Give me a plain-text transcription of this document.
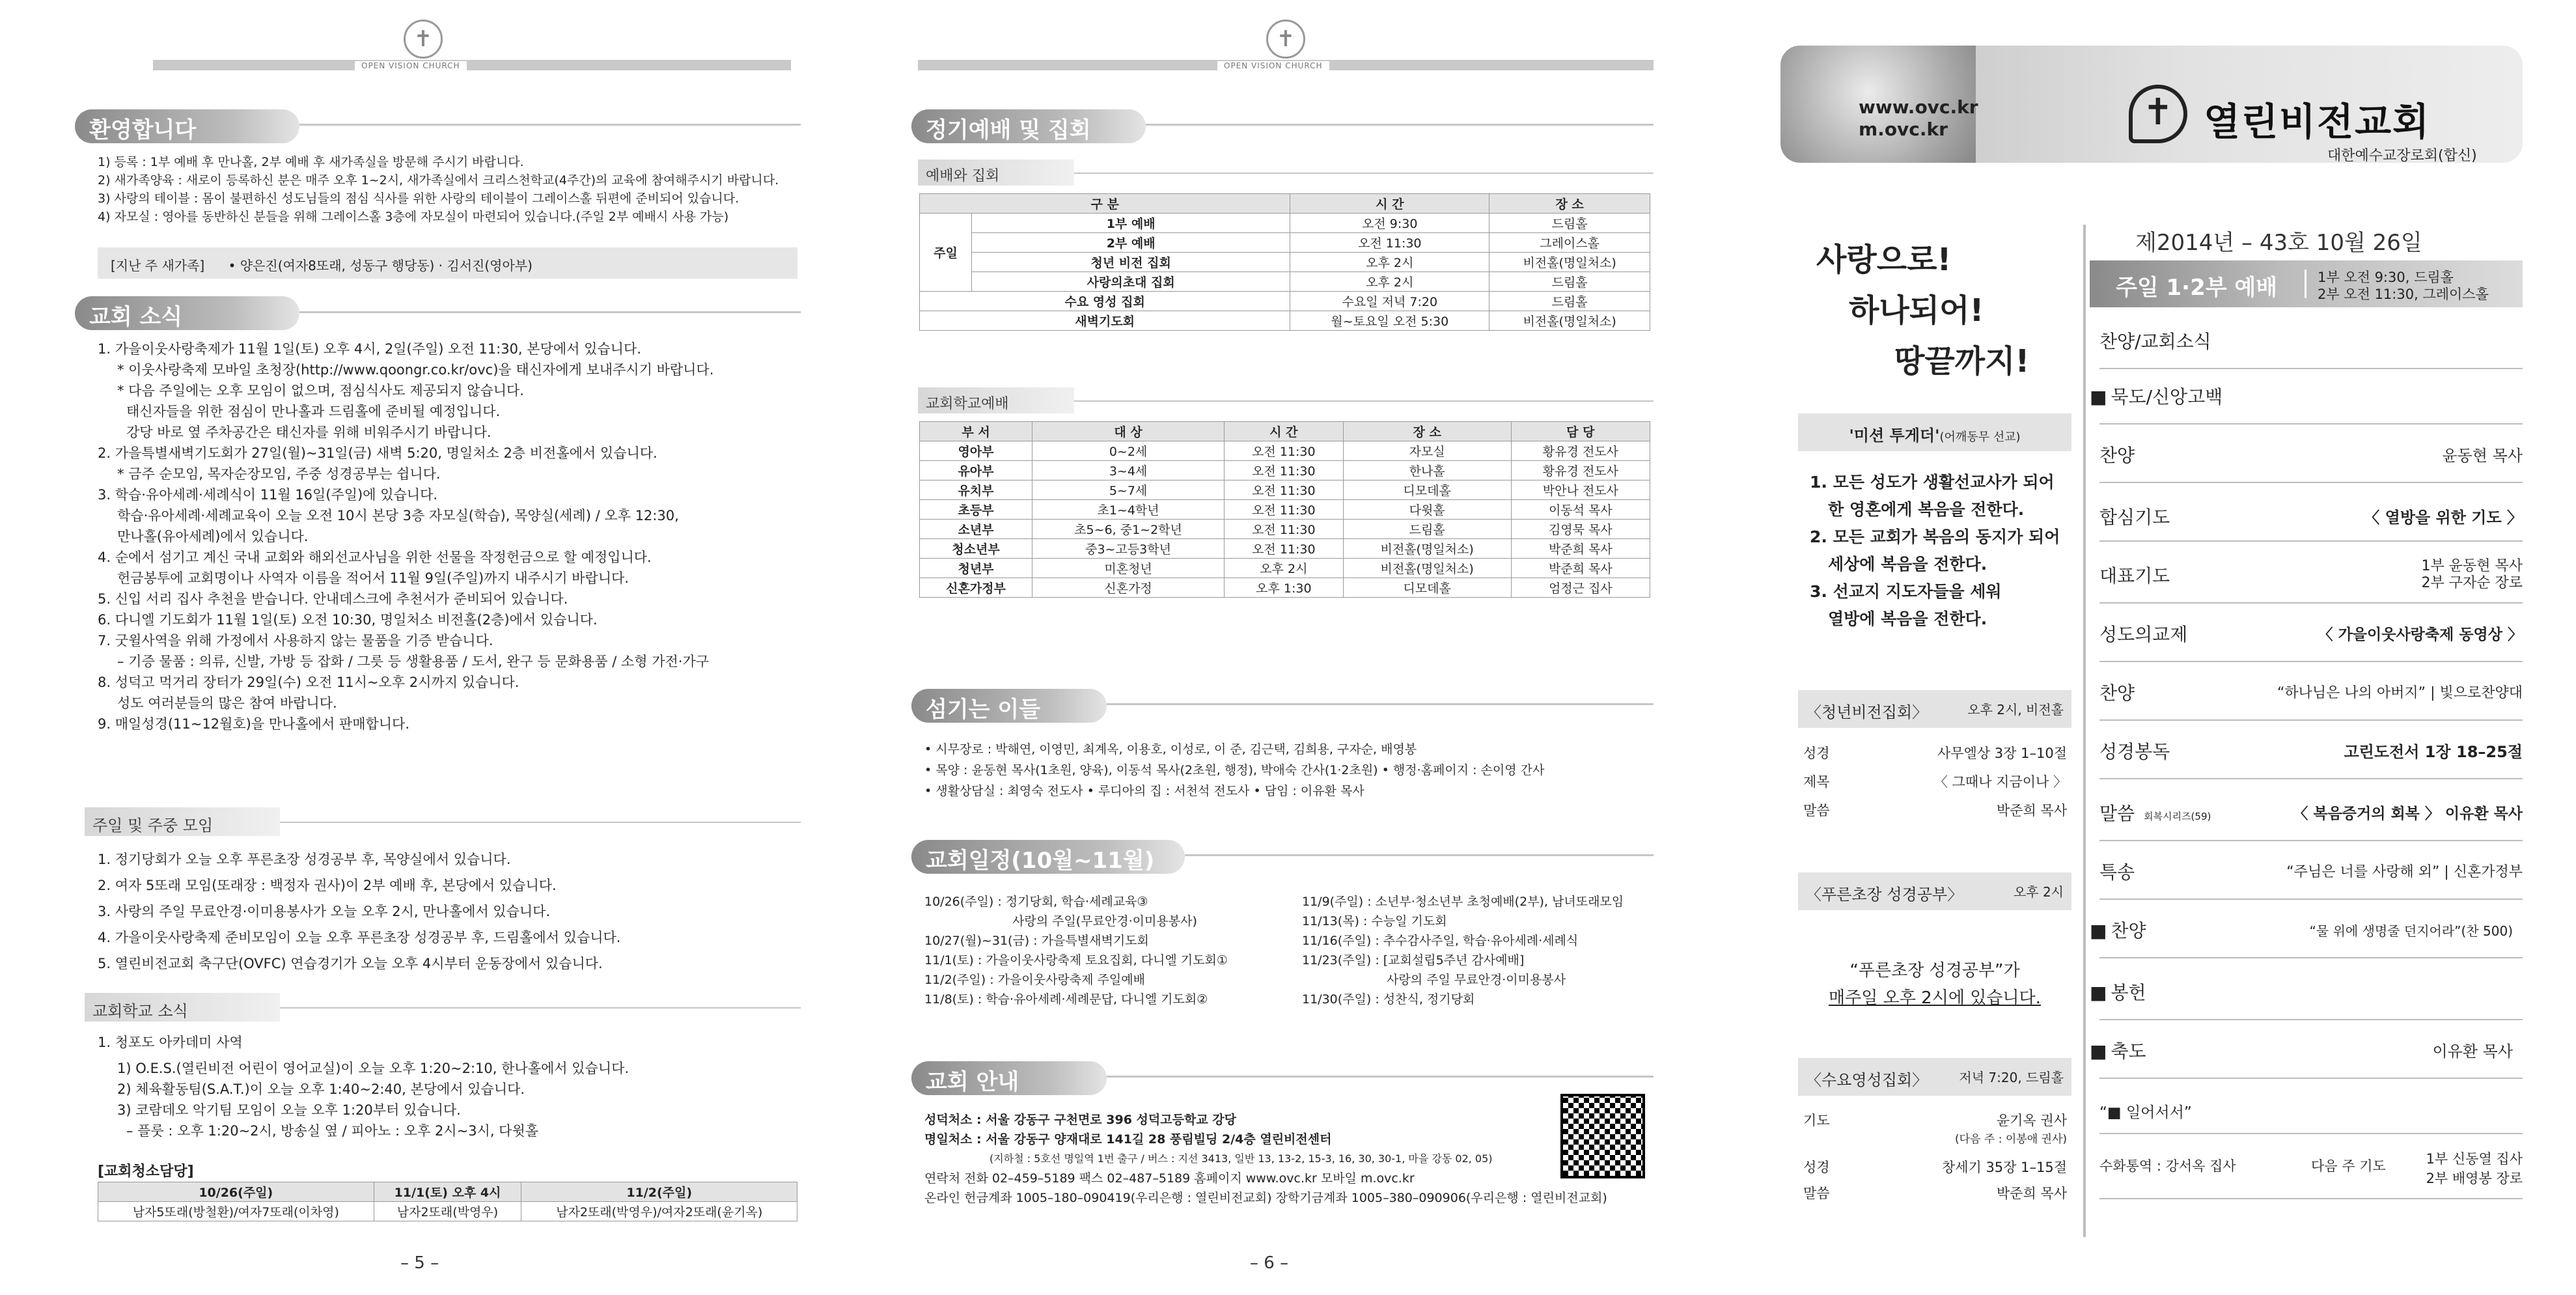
✝
OPEN VISION CHURCH
환영합니다
1) 등록 : 1부 예배 후 만나홀, 2부 예배 후 새가족실을 방문해 주시기 바랍니다.
2) 새가족양육 : 새로이 등록하신 분은 매주 오후 1~2시, 새가족실에서 크리스천학교(4주간)의 교육에 참여해주시기 바랍니다.
3) 사랑의 테이블 : 몸이 불편하신 성도님들의 점심 식사를 위한 사랑의 테이블이 그레이스홀 뒤편에 준비되어 있습니다.
4) 자모실 : 영아를 동반하신 분들을 위해 그레이스홀 3층에 자모실이 마련되어 있습니다.(주일 2부 예배시 사용 가능)
[지난 주 새가족] • 양은진(여자8또래, 성동구 행당동) · 김서진(영아부)
교회 소식
1. 가을이웃사랑축제가 11월 1일(토) 오후 4시, 2일(주일) 오전 11:30, 본당에서 있습니다.
* 이웃사랑축제 모바일 초청장(http://www.qoongr.co.kr/ovc)을 태신자에게 보내주시기 바랍니다.
* 다음 주일에는 오후 모임이 없으며, 점심식사도 제공되지 않습니다.
태신자들을 위한 점심이 만나홀과 드림홀에 준비될 예정입니다.
강당 바로 옆 주차공간은 태신자를 위해 비워주시기 바랍니다.
2. 가을특별새벽기도회가 27일(월)~31일(금) 새벽 5:20, 명일처소 2층 비전홀에서 있습니다.
* 금주 순모임, 목자순장모임, 주중 성경공부는 쉽니다.
3. 학습·유아세례·세례식이 11월 16일(주일)에 있습니다.
학습·유아세례·세례교육이 오늘 오전 10시 본당 3층 자모실(학습), 목양실(세례) / 오후 12:30,
만나홀(유아세례)에서 있습니다.
4. 순에서 섬기고 계신 국내 교회와 해외선교사님을 위한 선물을 작정헌금으로 할 예정입니다.
헌금봉투에 교회명이나 사역자 이름을 적어서 11월 9일(주일)까지 내주시기 바랍니다.
5. 신입 서리 집사 추천을 받습니다. 안내데스크에 추천서가 준비되어 있습니다.
6. 다니엘 기도회가 11월 1일(토) 오전 10:30, 명일처소 비전홀(2층)에서 있습니다.
7. 굿윌사역을 위해 가정에서 사용하지 않는 물품을 기증 받습니다.
– 기증 물품 : 의류, 신발, 가방 등 잡화 / 그릇 등 생활용품 / 도서, 완구 등 문화용품 / 소형 가전·가구
8. 성덕고 먹거리 장터가 29일(수) 오전 11시~오후 2시까지 있습니다.
성도 여러분들의 많은 참여 바랍니다.
9. 매일성경(11~12월호)을 만나홀에서 판매합니다.
주일 및 주중 모임
1. 정기당회가 오늘 오후 푸른초장 성경공부 후, 목양실에서 있습니다.
2. 여자 5또래 모임(또래장 : 백정자 권사)이 2부 예배 후, 본당에서 있습니다.
3. 사랑의 주일 무료안경·이미용봉사가 오늘 오후 2시, 만나홀에서 있습니다.
4. 가을이웃사랑축제 준비모임이 오늘 오후 푸른초장 성경공부 후, 드림홀에서 있습니다.
5. 열린비전교회 축구단(OVFC) 연습경기가 오늘 오후 4시부터 운동장에서 있습니다.
교회학교 소식
1. 청포도 아카데미 사역
1) O.E.S.(열린비전 어린이 영어교실)이 오늘 오후 1:20~2:10, 한나홀에서 있습니다.
2) 체육활동팀(S.A.T.)이 오늘 오후 1:40~2:40, 본당에서 있습니다.
3) 코람데오 악기팀 모임이 오늘 오후 1:20부터 있습니다.
– 플룻 : 오후 1:20~2시, 방송실 옆 / 피아노 : 오후 2시~3시, 다윗홀
[교회청소담당]
10/26(주일)	11/1(토) 오후 4시	11/2(주일)
남자5또래(방철환)/여자7또래(이차영)	남자2또래(박영우)	남자2또래(박영우)/여자2또래(윤기옥)
– 5 –
✝
OPEN VISION CHURCH
정기예배 및 집회
예배와 집회
구 분		시 간	장 소
주일	1부 예배	오전 9:30	드림홀
	2부 예배	오전 11:30	그레이스홀
	청년 비전 집회	오후 2시	비전홀(명일처소)
	사랑의초대 집회	오후 2시	드림홀
수요 영성 집회		수요일 저녁 7:20	드림홀
새벽기도회		월~토요일 오전 5:30	비전홀(명일처소)
교회학교예배
부 서	대 상	시 간	장 소	담 당
영아부	0~2세	오전 11:30	자모실	황유경 전도사
유아부	3~4세	오전 11:30	한나홀	황유경 전도사
유치부	5~7세	오전 11:30	디모데홀	박안나 전도사
초등부	초1~4학년	오전 11:30	다윗홀	이동석 목사
소년부	초5~6, 중1~2학년	오전 11:30	드림홀	김영묵 목사
청소년부	중3~고등3학년	오전 11:30	비전홀(명일처소)	박준희 목사
청년부	미혼청년	오후 2시	비전홀(명일처소)	박준희 목사
신혼가정부	신혼가정	오후 1:30	디모데홀	엄정근 집사
섬기는 이들
• 시무장로 : 박해연, 이영민, 최계옥, 이용호, 이성로, 이 준, 김근택, 김희용, 구자순, 배영봉
• 목양 : 윤동현 목사(1초원, 양육), 이동석 목사(2초원, 행정), 박애숙 간사(1·2초원) • 행정·홈페이지 : 손이영 간사
• 생활상담실 : 최영숙 전도사 • 루디아의 집 : 서천석 전도사 • 담임 : 이유환 목사
교회일정(10월~11월)
10/26(주일) : 정기당회, 학습·세례교육③
사랑의 주일(무료안경·이미용봉사)
10/27(월)~31(금) : 가을특별새벽기도회
11/1(토) : 가을이웃사랑축제 토요집회, 다니엘 기도회①
11/2(주일) : 가을이웃사랑축제 주일예배
11/8(토) : 학습·유아세례·세례문답, 다니엘 기도회②
11/9(주일) : 소년부·청소년부 초청예배(2부), 남녀또래모임
11/13(목) : 수능일 기도회
11/16(주일) : 추수감사주일, 학습·유아세례·세례식
11/23(주일) : [교회설립5주년 감사예배]
사랑의 주일 무료안경·이미용봉사
11/30(주일) : 성찬식, 정기당회
교회 안내
성덕처소 : 서울 강동구 구천면로 396 성덕고등학교 강당
명일처소 : 서울 강동구 양재대로 141길 28 풍림빌딩 2/4층 열린비전센터
(지하철 : 5호선 명일역 1번 출구 / 버스 : 지선 3413, 일반 13, 13-2, 15-3, 16, 30, 30-1, 마을 강동 02, 05)
연락처 전화 02–459–5189 팩스 02–487–5189 홈페이지 www.ovc.kr 모바일 m.ovc.kr
온라인 헌금계좌 1005–180–090419(우리은행 : 열린비전교회) 장학기금계좌 1005–380–090906(우리은행 : 열린비전교회)
– 6 –
www.ovc.kr
m.ovc.kr	✝ 열린비전교회
대한예수교장로회(합신)
사랑으로!
하나되어!
땅끝까지!
'미션 투게더'(어깨동무 선교)
1. 모든 성도가 생활선교사가 되어
한 영혼에게 복음을 전한다.
2. 모든 교회가 복음의 동지가 되어
세상에 복음을 전한다.
3. 선교지 지도자들을 세워
열방에 복음을 전한다.
〈청년비전집회〉	오후 2시, 비전홀
성경	사무엘상 3장 1–10절
제목	〈 그때나 지금이나 〉
말씀	박준희 목사
〈푸른초장 성경공부〉	오후 2시
“푸른초장 성경공부”가
매주일 오후 2시에 있습니다.
〈수요영성집회〉 저녁 7:20, 드림홀
기도	윤기옥 권사
(다음 주 : 이봉애 권사)
성경	창세기 35장 1–15절
말씀	박준희 목사
제2014년 – 43호 10월 26일
주일 1·2부 예배	1부 오전 9:30, 드림홀
2부 오전 11:30, 그레이스홀
찬양/교회소식
■ 묵도/신앙고백
찬양	윤동현 목사
합심기도	〈 열방을 위한 기도 〉
대표기도	1부 윤동현 목사
2부 구자순 장로
성도의교제	〈 가을이웃사랑축제 동영상 〉
찬양	“하나님은 나의 아버지” | 빛으로찬양대
성경봉독	고린도전서 1장 18–25절
말씀 회복시리즈(59)	〈 복음증거의 회복 〉 이유환 목사
특송	“주님은 너를 사랑해 외” | 신혼가정부
■ 찬양	“물 위에 생명줄 던지어라”(찬 500)
■ 봉헌
■ 축도	이유환 목사
“■ 일어서서”
수화통역 : 강서옥 집사	다음 주 기도	1부 신동열 집사
2부 배영봉 장로
